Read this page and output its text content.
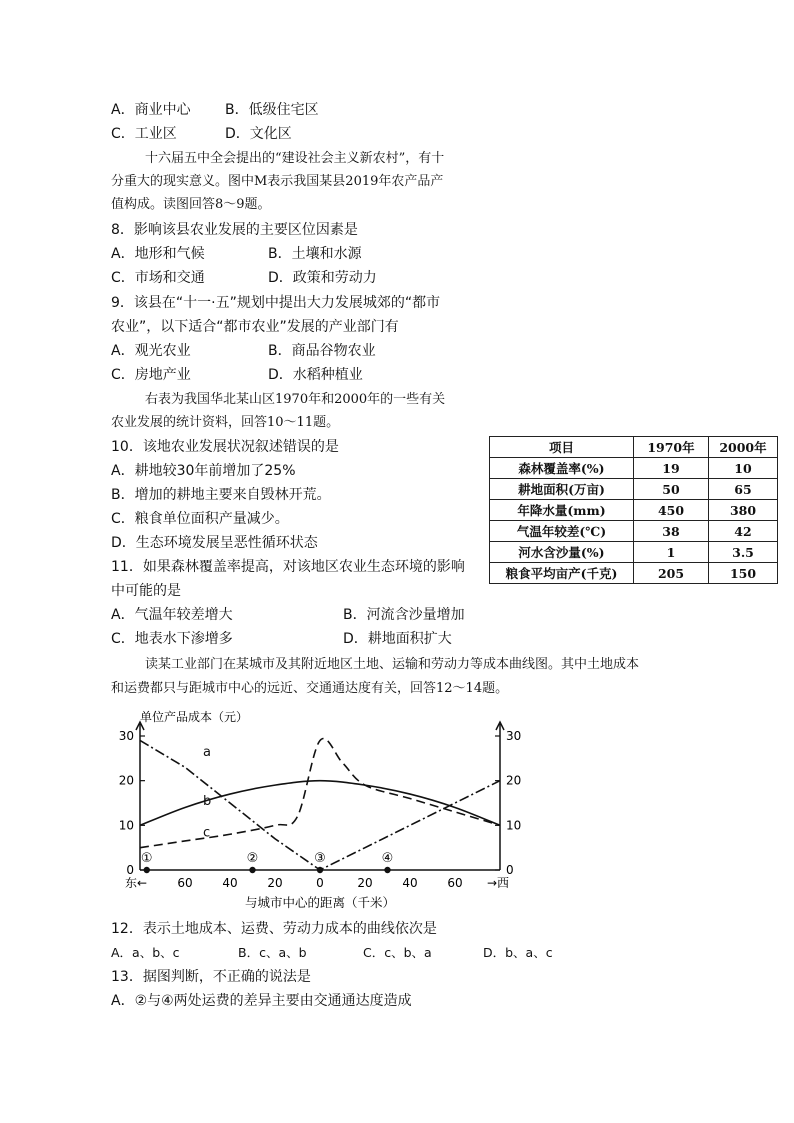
A．商业中心 B．低级住宅区
C．工业区	D．文化区
十六届五中全会提出的“建设社会主义新农村”，有十
分重大的现实意义。图中M表示我国某县2019年农产品产
值构成。读图回答8～9题。
8．影响该县农业发展的主要区位因素是
A．地形和气候	B．土壤和水源
C．市场和交通	D．政策和劳动力
9．该县在“十一·五”规划中提出大力发展城郊的“都市
农业”，以下适合“都市农业”发展的产业部门有
A．观光农业	B．商品谷物农业
C．房地产业	D．水稻种植业
右表为我国华北某山区1970年和2000年的一些有关
农业发展的统计资料，回答10～11题。
10．该地农业发展状况叙述错误的是
A．耕地较30年前增加了25%
B．增加的耕地主要来自毁林开荒。
C．粮食单位面积产量减少。
D．生态环境发展呈恶性循环状态
11．如果森林覆盖率提高，对该地区农业生态环境的影响
中可能的是
A．气温年较差增大	B．河流含沙量增加
C．地表水下渗增多	D．耕地面积扩大
项目	1970年	2000年
森林覆盖率(%)	19	10
耕地面积(万亩)	50	65
年降水量(mm)	450	380
气温年较差(℃)	38	42
河水含沙量(%)	1	3.5
粮食平均亩产(千克)	205	150
读某工业部门在某城市及其附近地区土地、运输和劳动力等成本曲线图。其中土地成本
和运费都只与距城市中心的远近、交通通达度有关，回答12～14题。
单位产品成本（元）
0	0
10	10
20	20
30	30
60 40 20	0	20 40 60
东←	→西
a
b
c
①	②	③	④
与城市中心的距离（千米）
12．表示土地成本、运费、劳动力成本的曲线依次是
A．a、b、c	B．c、a、b	C．c、b、a	D．b、a、c
13．据图判断，不正确的说法是
A．②与④两处运费的差异主要由交通通达度造成
